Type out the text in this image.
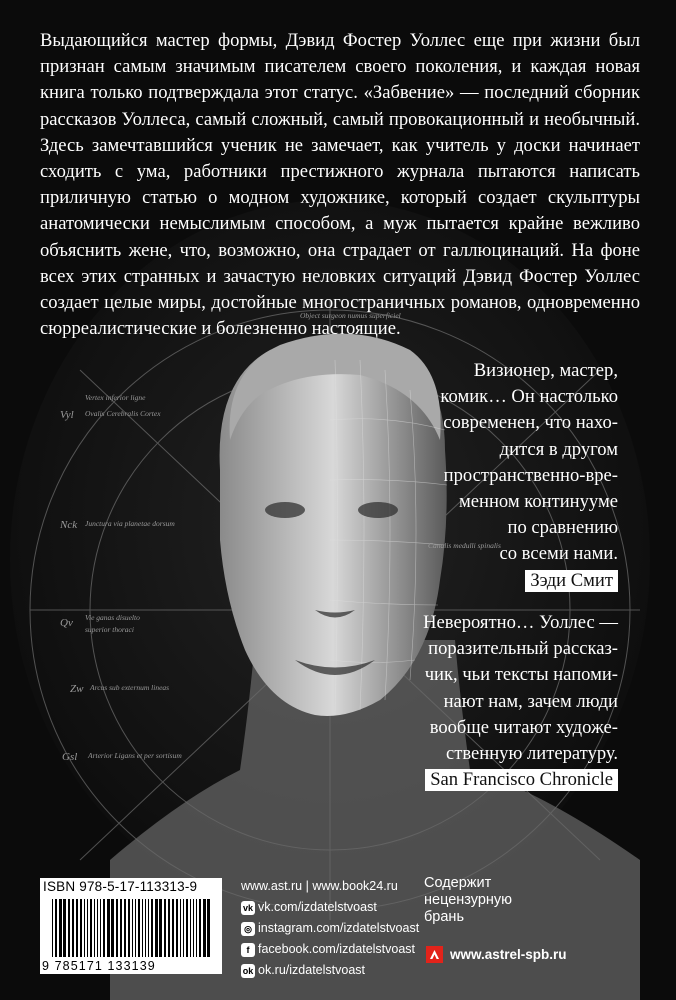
Object surgeon numus superficiel
Vertex inferior ligne
Vyl Ovalis Cerebralis Cortex
Nck Junctura via planetae dorsum
Qv Vie ganas disuelto
superior thoraci
Zw Arcus sub externum lineas
Gsl Arterior Ligans et per sortisum
Canalis medulli spinalis
Выдающийся мастер формы, Дэвид Фостер Уоллес еще при жизни был признан самым значимым писателем своего поколения, и каждая новая книга только подтверждала этот статус. «Забвение» — последний сборник рассказов Уоллеса, самый сложный, самый провокационный и необычный. Здесь замечтавшийся ученик не замечает, как учитель у доски начинает сходить с ума, работники престижного журнала пытаются написать приличную статью о модном художнике, который создает скульптуры анатомически немыслимым способом, а муж пытается крайне вежливо объяснить жене, что, возможно, она страдает от галлюцинаций. На фоне всех этих странных и зачастую неловких ситуаций Дэвид Фостер Уоллес создает целые миры, достойные многостраничных романов, одновременно сюрреалистические и болезненно настоящие.
Визионер, мастер,
комик… Он настолько
современен, что нахо-
дится в другом
пространственно-вре-
менном континууме
по сравнению
со всеми нами.
Зэди Смит
Невероятно… Уоллес —
поразительный рассказ-
чик, чьи тексты напоми-
нают нам, зачем люди
вообще читают художе-
ственную литературу.
San Francisco Chronicle
ISBN 978-5-17-113313-9
9 785171 133139
www.ast.ru | www.book24.ru
vk vk.com/izdatelstvoast
◎ instagram.com/izdatelstvoast
f facebook.com/izdatelstvoast
ok ok.ru/izdatelstvoast
Содержит
нецензурную
брань
www.astrel-spb.ru
